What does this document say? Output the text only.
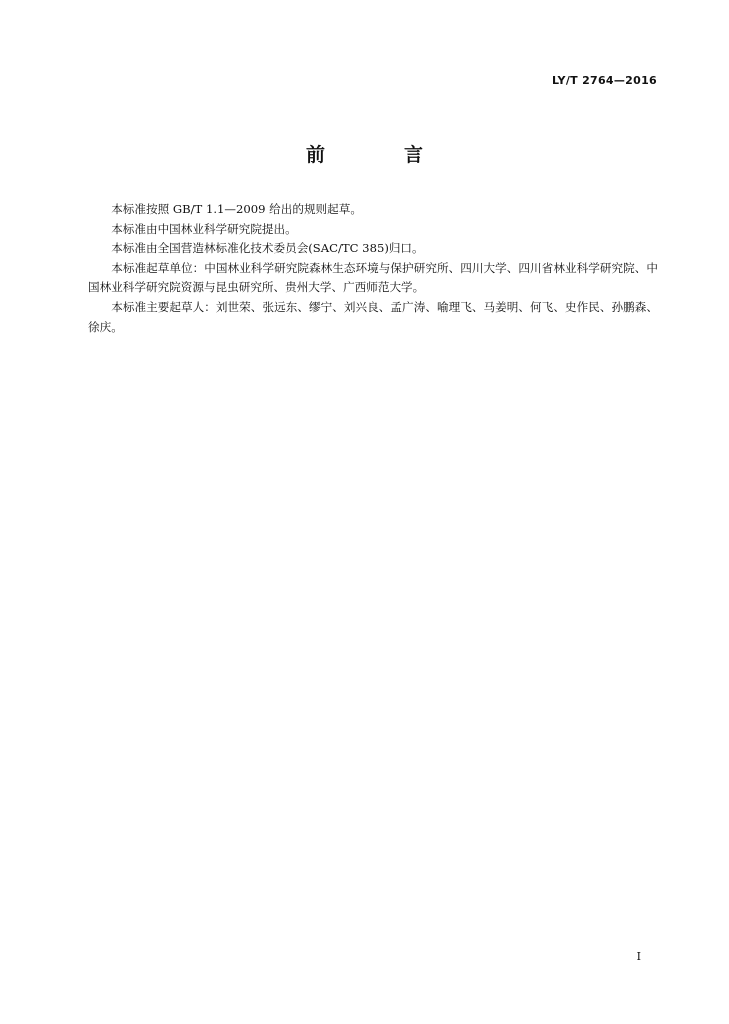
LY/T 2764—2016
前　言

本标准按照 GB/T 1.1—2009 给出的规则起草。

本标准由中国林业科学研究院提出。

本标准由全国营造林标准化技术委员会(SAC/TC 385)归口。

本标准起草单位：中国林业科学研究院森林生态环境与保护研究所、四川大学、四川省林业科学研究院、中国林业科学研究院资源与昆虫研究所、贵州大学、广西师范大学。

本标准主要起草人：刘世荣、张远东、缪宁、刘兴良、孟广涛、喻理飞、马姜明、何飞、史作民、孙鹏森、徐庆。

I
